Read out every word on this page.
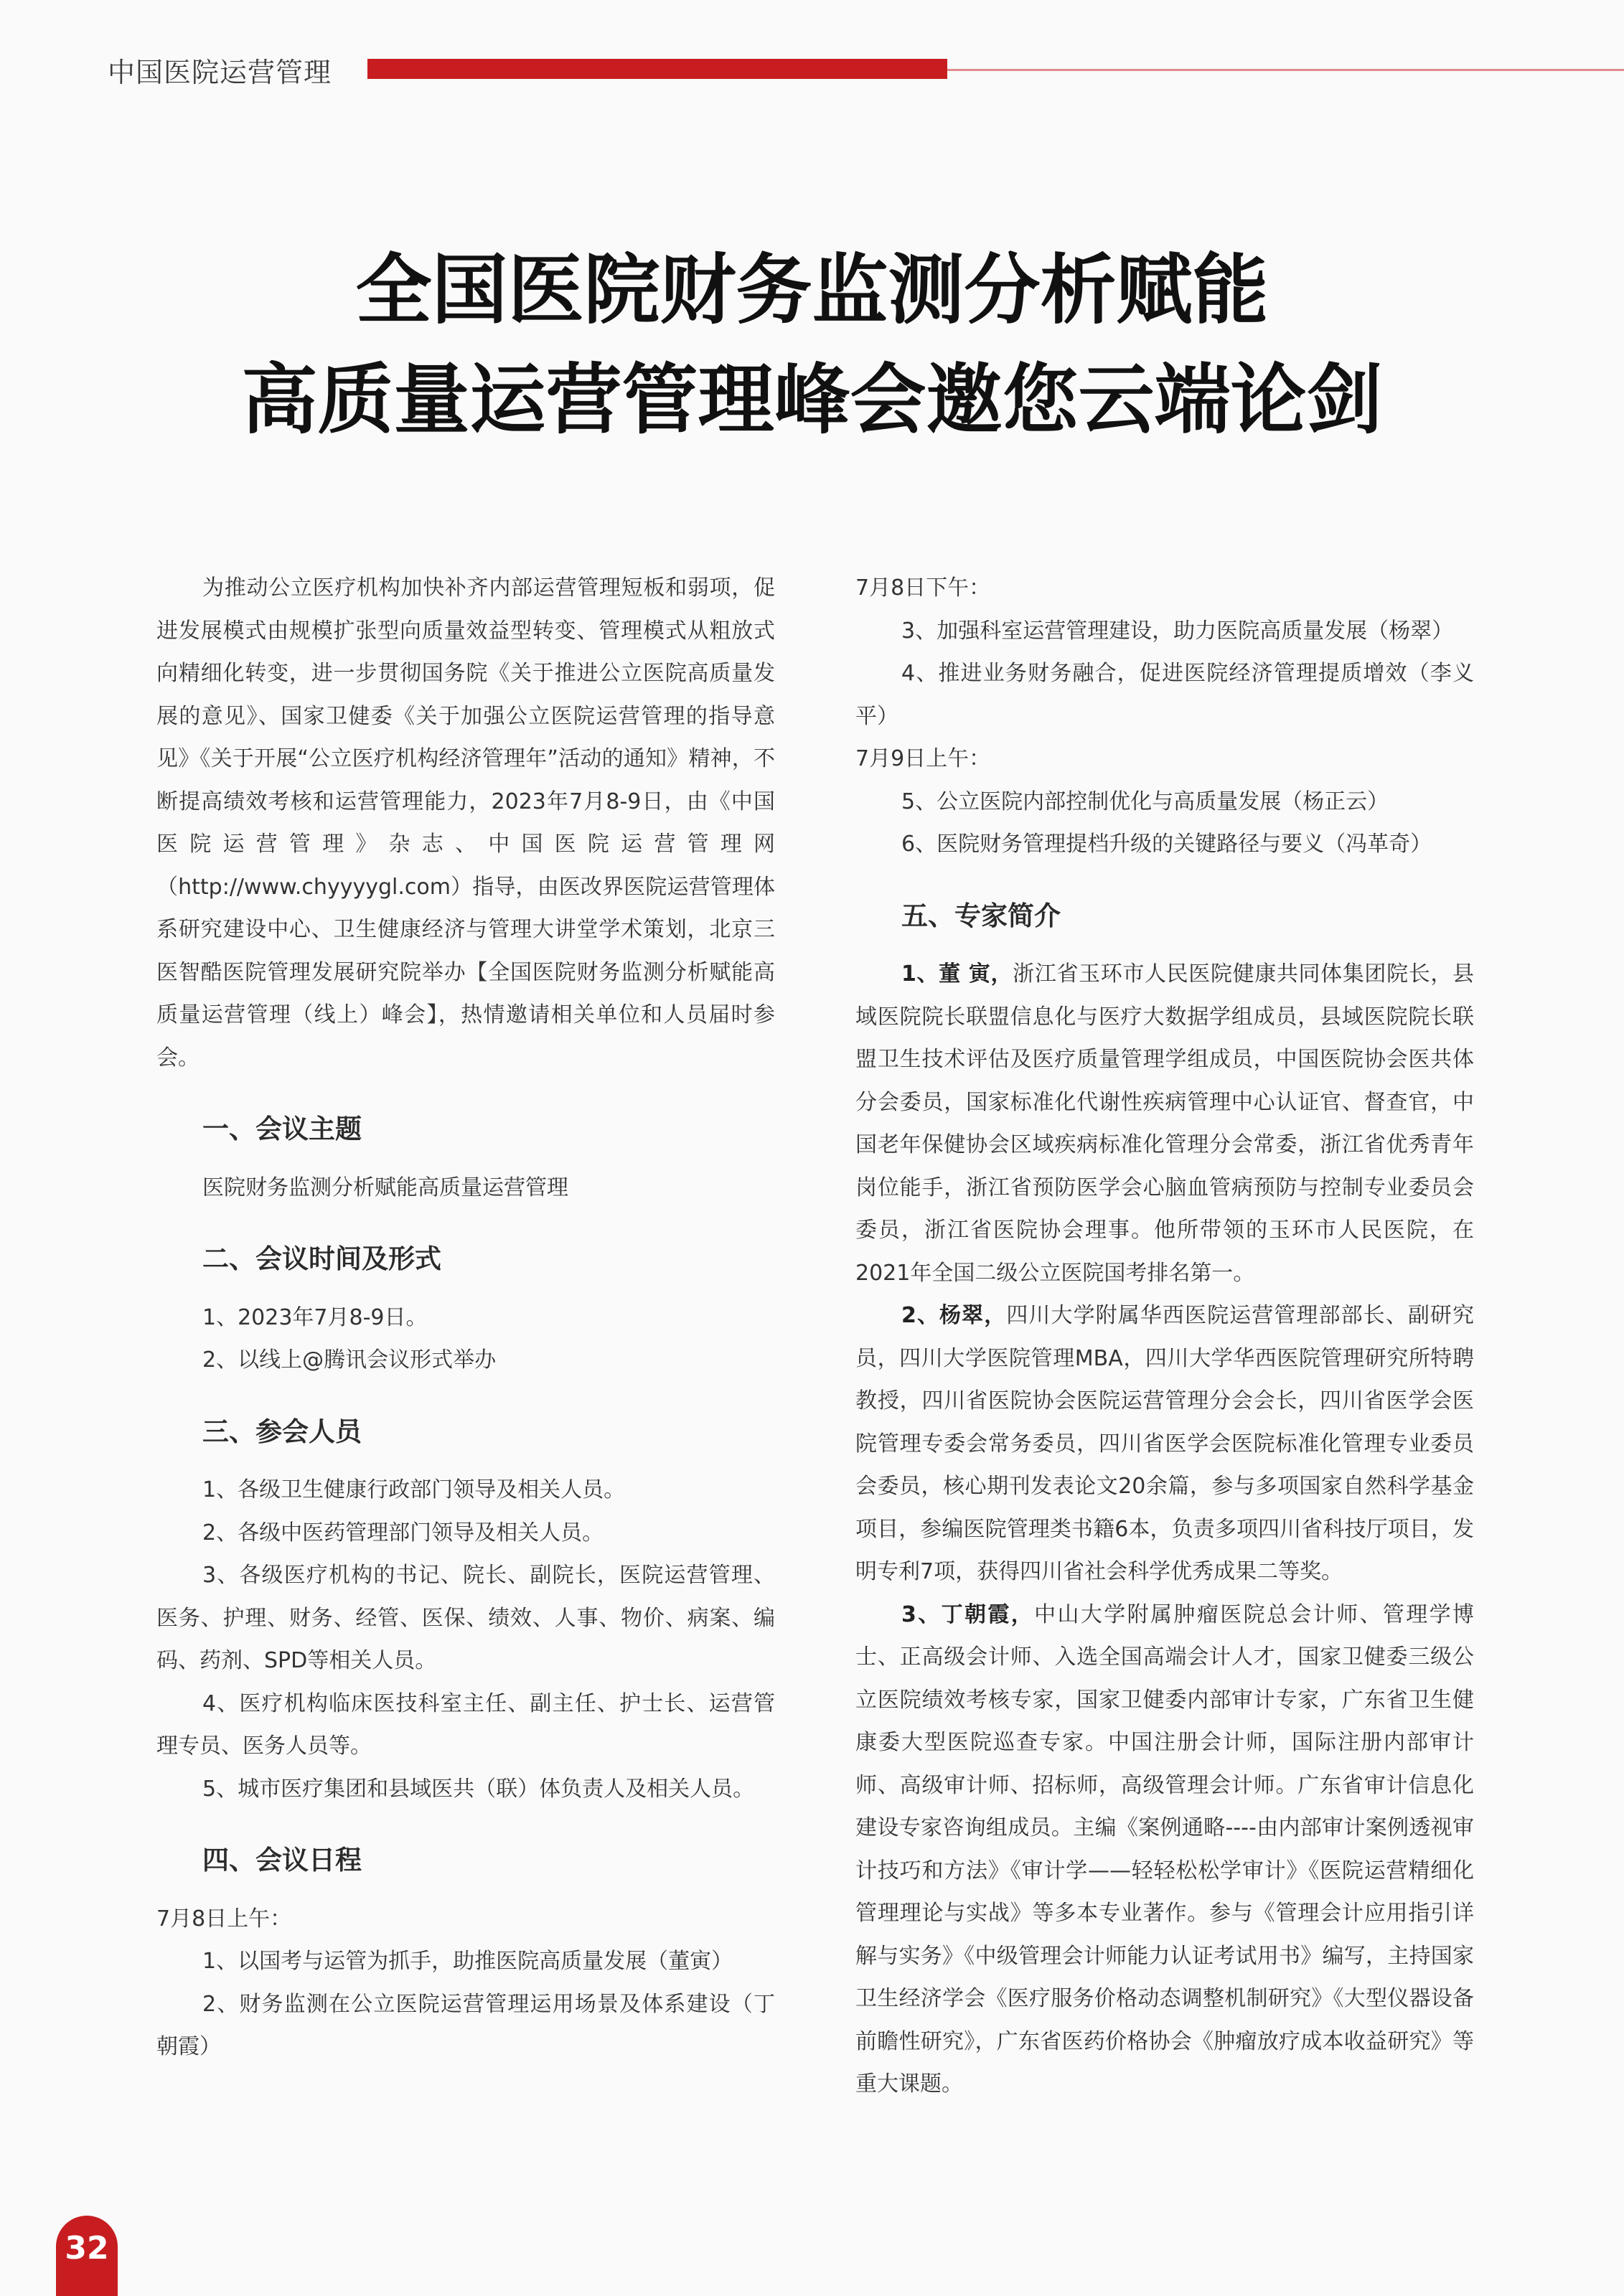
中国医院运营管理
全国医院财务监测分析赋能
高质量运营管理峰会邀您云端论剑

为推动公立医疗机构加快补齐内部运营管理短板和弱项，促进发展模式由规模扩张型向质量效益型转变、管理模式从粗放式向精细化转变，进一步贯彻国务院《关于推进公立医院高质量发展的意见》、国家卫健委《关于加强公立医院运营管理的指导意见》《关于开展“公立医疗机构经济管理年”活动的通知》精神，不断提高绩效考核和运营管理能力，2023年7月8-9日，由《中国医院运营管理》杂志、中国医院运营管理网（http://www.chyyyygl.com）指导，由医改界医院运营管理体系研究建设中心、卫生健康经济与管理大讲堂学术策划，北京三医智酷医院管理发展研究院举办【全国医院财务监测分析赋能高质量运营管理（线上）峰会】，热情邀请相关单位和人员届时参会。

一、会议主题

医院财务监测分析赋能高质量运营管理

二、会议时间及形式

1、2023年7月8-9日。

2、以线上@腾讯会议形式举办

三、参会人员

1、各级卫生健康行政部门领导及相关人员。

2、各级中医药管理部门领导及相关人员。

3、各级医疗机构的书记、院长、副院长，医院运营管理、医务、护理、财务、经管、医保、绩效、人事、物价、病案、编码、药剂、SPD等相关人员。

4、医疗机构临床医技科室主任、副主任、护士长、运营管理专员、医务人员等。

5、城市医疗集团和县域医共（联）体负责人及相关人员。

四、会议日程

7月8日上午：

1、以国考与运管为抓手，助推医院高质量发展（董寅）

2、财务监测在公立医院运营管理运用场景及体系建设（丁朝霞）

7月8日下午：

3、加强科室运营管理建设，助力医院高质量发展（杨翠）

4、推进业务财务融合，促进医院经济管理提质增效（李义平）

7月9日上午：

5、公立医院内部控制优化与高质量发展（杨正云）

6、医院财务管理提档升级的关键路径与要义（冯革奇）

五、专家简介

1、董 寅，浙江省玉环市人民医院健康共同体集团院长，县域医院院长联盟信息化与医疗大数据学组成员，县域医院院长联盟卫生技术评估及医疗质量管理学组成员，中国医院协会医共体分会委员，国家标准化代谢性疾病管理中心认证官、督查官，中国老年保健协会区域疾病标准化管理分会常委，浙江省优秀青年岗位能手，浙江省预防医学会心脑血管病预防与控制专业委员会委员，浙江省医院协会理事。他所带领的玉环市人民医院，在2021年全国二级公立医院国考排名第一。

2、杨翠，四川大学附属华西医院运营管理部部长、副研究员，四川大学医院管理MBA，四川大学华西医院管理研究所特聘教授，四川省医院协会医院运营管理分会会长，四川省医学会医院管理专委会常务委员，四川省医学会医院标准化管理专业委员会委员，核心期刊发表论文20余篇，参与多项国家自然科学基金项目，参编医院管理类书籍6本，负责多项四川省科技厅项目，发明专利7项，获得四川省社会科学优秀成果二等奖。

3、丁朝霞，中山大学附属肿瘤医院总会计师、管理学博士、正高级会计师、入选全国高端会计人才，国家卫健委三级公立医院绩效考核专家，国家卫健委内部审计专家，广东省卫生健康委大型医院巡查专家。中国注册会计师，国际注册内部审计师、高级审计师、招标师，高级管理会计师。广东省审计信息化建设专家咨询组成员。主编《案例通略----由内部审计案例透视审计技巧和方法》《审计学——轻轻松松学审计》《医院运营精细化管理理论与实战》等多本专业著作。参与《管理会计应用指引详解与实务》《中级管理会计师能力认证考试用书》编写，主持国家卫生经济学会《医疗服务价格动态调整机制研究》《大型仪器设备前瞻性研究》，广东省医药价格协会《肿瘤放疗成本收益研究》等重大课题。

32
